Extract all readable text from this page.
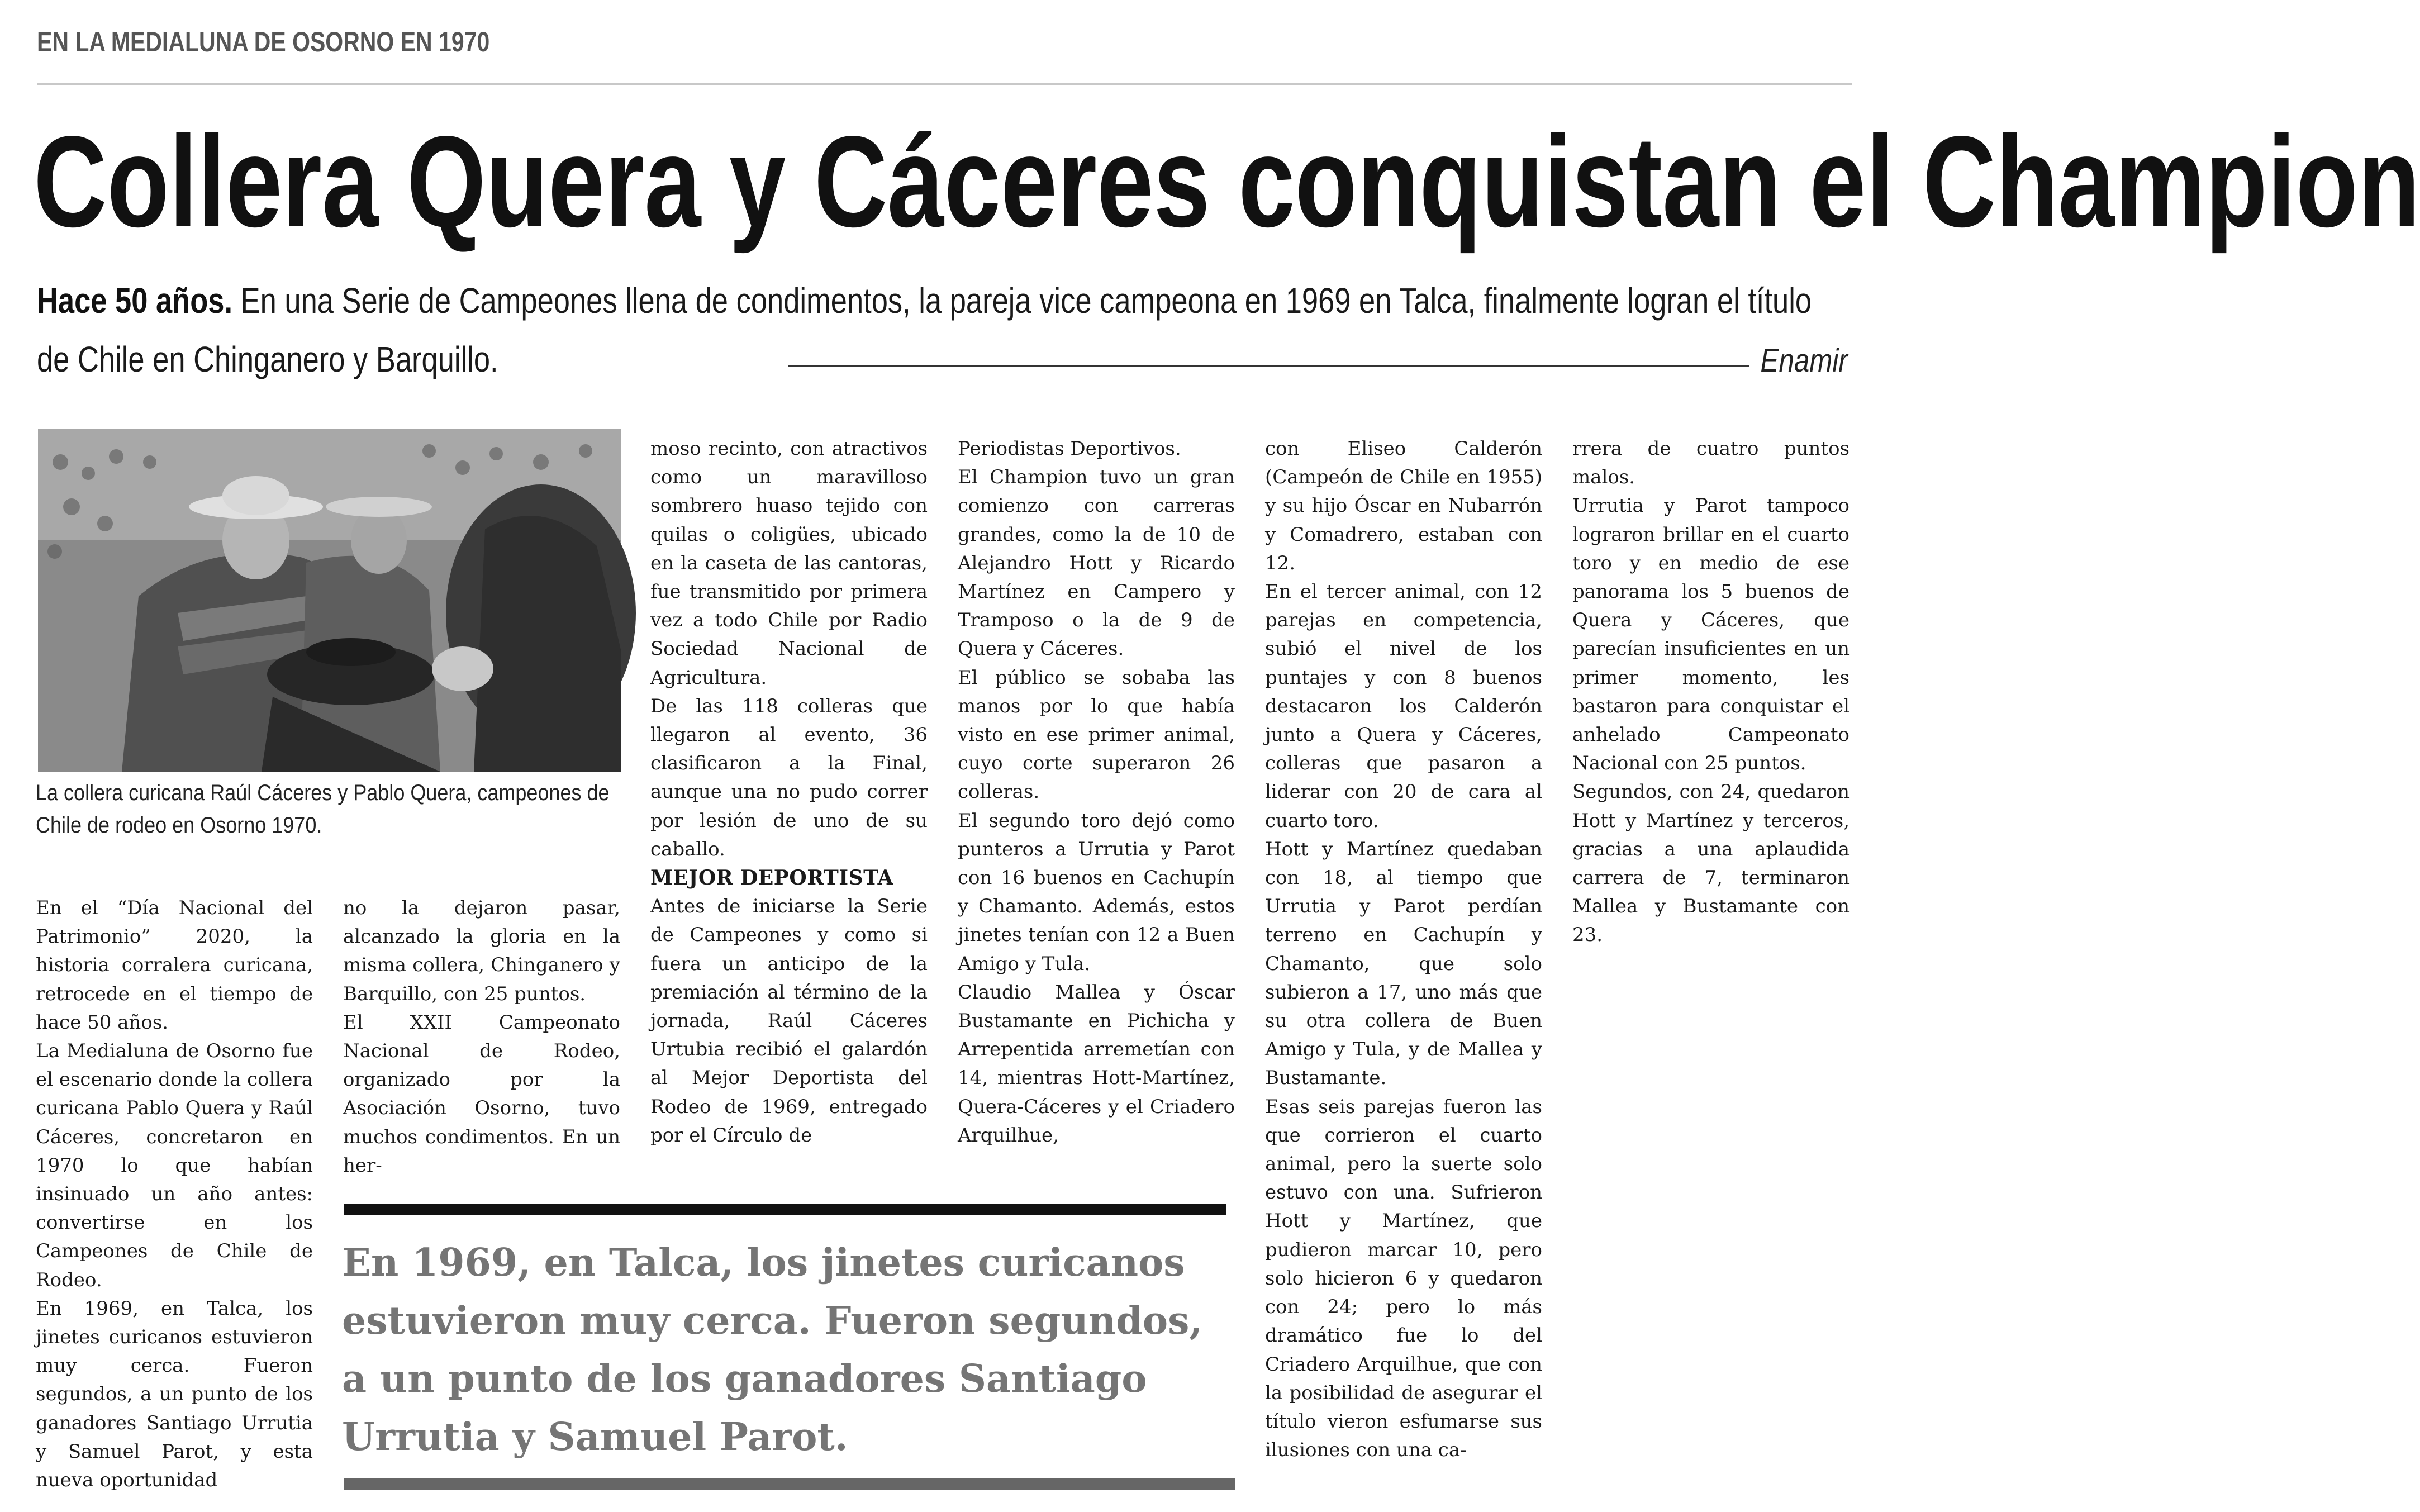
EN LA MEDIALUNA DE OSORNO EN 1970
Collera Quera y Cáceres conquistan el Champion
Hace 50 años. En una Serie de Campeones llena de condimentos, la pareja vice campeona en 1969 en Talca, finalmente logran el título de Chile en Chinganero y Barquillo.	Enamir
La collera curicana Raúl Cáceres y Pablo Quera, campeones de Chile de rodeo en Osorno 1970.

En el “Día Nacional del Patrimonio” 2020, la historia corralera curicana, retrocede en el tiempo de hace 50 años.

La Medialuna de Osorno fue el escenario donde la collera curicana Pablo Quera y Raúl Cáceres, concretaron en 1970 lo que habían insinuado un año antes: convertirse en los Campeones de Chile de Rodeo.

En 1969, en Talca, los jinetes curicanos estuvieron muy cerca. Fueron segundos, a un punto de los ganadores Santiago Urrutia y Samuel Parot, y esta nueva oportunidad

no la dejaron pasar, alcanzado la gloria en la misma collera, Chinganero y Barquillo, con 25 puntos.

El XXII Campeonato Nacional de Rodeo, organizado por la Asociación Osorno, tuvo muchos condimentos. En un her-

moso recinto, con atractivos como un maravilloso sombrero huaso tejido con quilas o coligües, ubicado en la caseta de las cantoras, fue transmitido por primera vez a todo Chile por Radio Sociedad Nacional de Agricultura.

De las 118 colleras que llegaron al evento, 36 clasificaron a la Final, aunque una no pudo correr por lesión de uno de su caballo.

MEJOR DEPORTISTA

Antes de iniciarse la Serie de Campeones y como si fuera un anticipo de la premiación al término de la jornada, Raúl Cáceres Urtubia recibió el galardón al Mejor Deportista del Rodeo de 1969, entregado por el Círculo de

Periodistas Deportivos.

El Champion tuvo un gran comienzo con carreras grandes, como la de 10 de Alejandro Hott y Ricardo Martínez en Campero y Tramposo o la de 9 de Quera y Cáceres.

El público se sobaba las manos por lo que había visto en ese primer animal, cuyo corte superaron 26 colleras.

El segundo toro dejó como punteros a Urrutia y Parot con 16 buenos en Cachupín y Chamanto. Además, estos jinetes tenían con 12 a Buen Amigo y Tula.

Claudio Mallea y Óscar Bustamante en Pichicha y Arrepentida arremetían con 14, mientras Hott-Martínez, Quera-Cáceres y el Criadero Arquilhue,

con Eliseo Calderón (Campeón de Chile en 1955) y su hijo Óscar en Nubarrón y Comadrero, estaban con 12.

En el tercer animal, con 12 parejas en competencia, subió el nivel de los puntajes y con 8 buenos destacaron los Calderón junto a Quera y Cáceres, colleras que pasaron a liderar con 20 de cara al cuarto toro.

Hott y Martínez quedaban con 18, al tiempo que Urrutia y Parot perdían terreno en Cachupín y Chamanto, que solo subieron a 17, uno más que su otra collera de Buen Amigo y Tula, y de Mallea y Bustamante.

Esas seis parejas fueron las que corrieron el cuarto animal, pero la suerte solo estuvo con una. Sufrieron Hott y Martínez, que pudieron marcar 10, pero solo hicieron 6 y quedaron con 24; pero lo más dramático fue lo del Criadero Arquilhue, que con la posibilidad de asegurar el título vieron esfumarse sus ilusiones con una ca-

rrera de cuatro puntos malos.

Urrutia y Parot tampoco lograron brillar en el cuarto toro y en medio de ese panorama los 5 buenos de Quera y Cáceres, que parecían insuficientes en un primer momento, les bastaron para conquistar el anhelado Campeonato Nacional con 25 puntos.

Segundos, con 24, quedaron Hott y Martínez y terceros, gracias a una aplaudida carrera de 7, terminaron Mallea y Bustamante con 23.

En 1969, en Talca, los jinetes curicanos estuvieron muy cerca. Fueron segundos, a un punto de los ganadores Santiago Urrutia y Samuel Parot.
